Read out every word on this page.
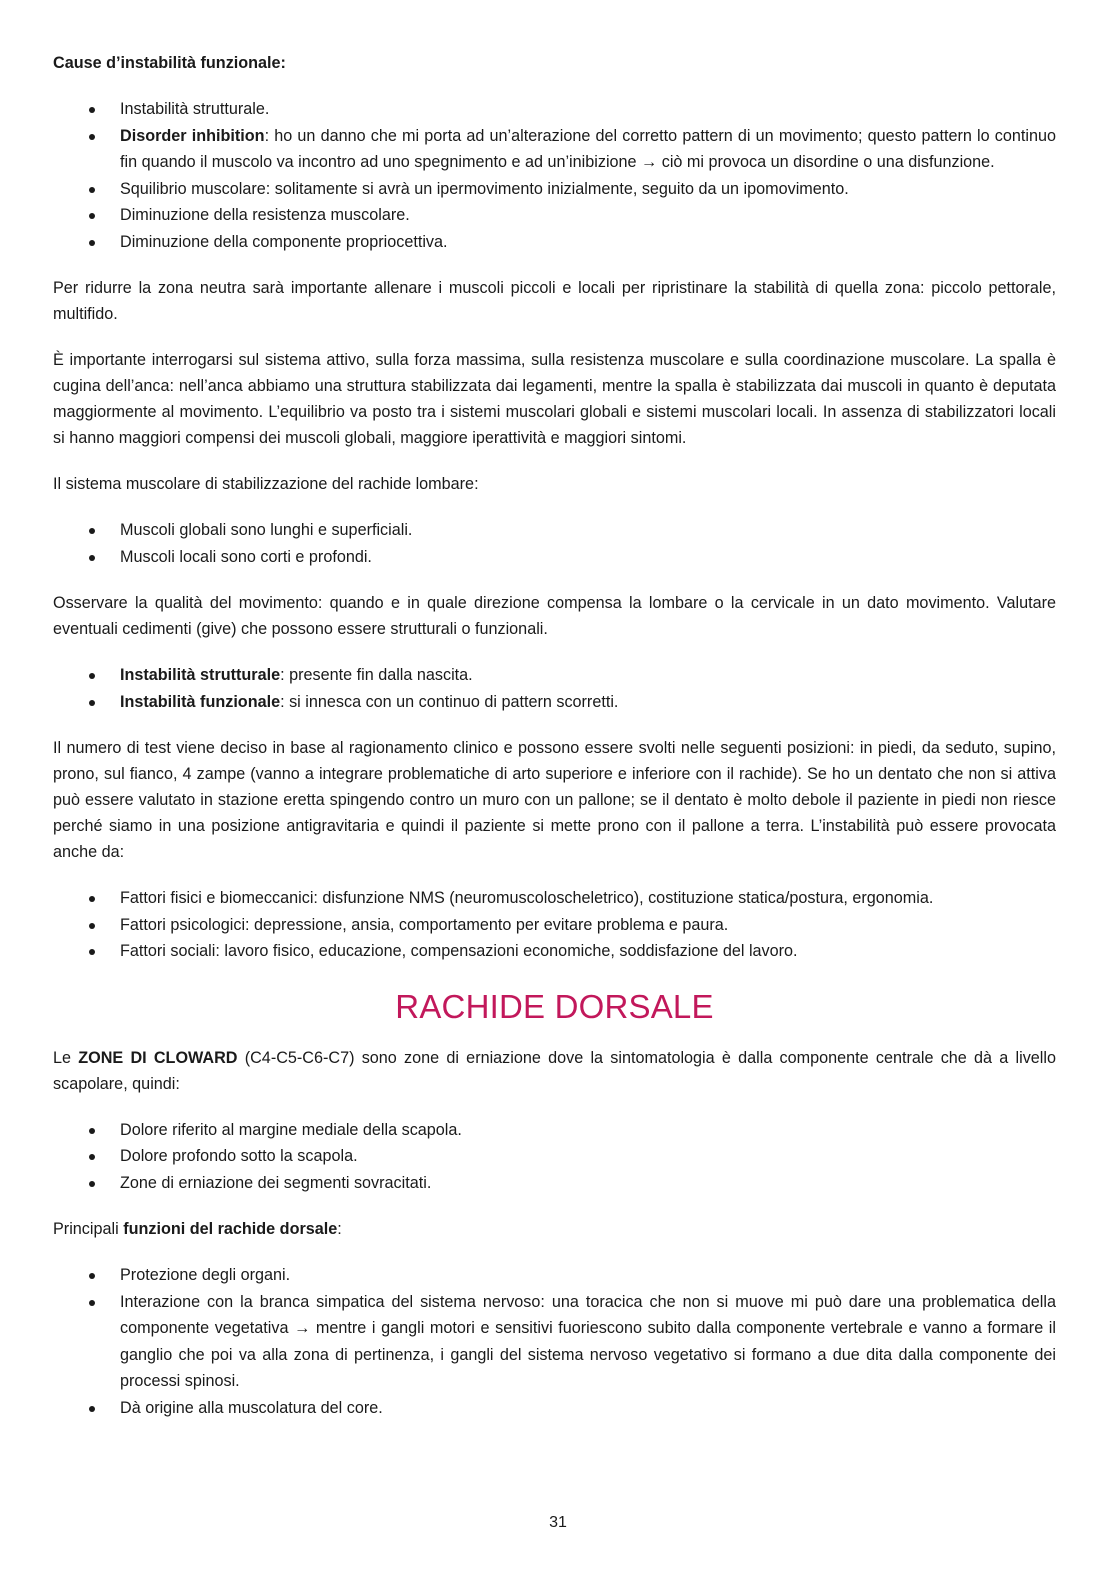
Cause d’instabilità funzionale:

Instabilità strutturale.
Disorder inhibition: ho un danno che mi porta ad un’alterazione del corretto pattern di un movimento; questo pattern lo continuo fin quando il muscolo va incontro ad uno spegnimento e ad un’inibizione → ciò mi provoca un disordine o una disfunzione.
Squilibrio muscolare: solitamente si avrà un ipermovimento inizialmente, seguito da un ipomovimento.
Diminuzione della resistenza muscolare.
Diminuzione della componente propriocettiva.

Per ridurre la zona neutra sarà importante allenare i muscoli piccoli e locali per ripristinare la stabilità di quella zona: piccolo pettorale, multifido.

È importante interrogarsi sul sistema attivo, sulla forza massima, sulla resistenza muscolare e sulla coordinazione muscolare. La spalla è cugina dell’anca: nell’anca abbiamo una struttura stabilizzata dai legamenti, mentre la spalla è stabilizzata dai muscoli in quanto è deputata maggiormente al movimento. L’equilibrio va posto tra i sistemi muscolari globali e sistemi muscolari locali. In assenza di stabilizzatori locali si hanno maggiori compensi dei muscoli globali, maggiore iperattività e maggiori sintomi.

Il sistema muscolare di stabilizzazione del rachide lombare:

Muscoli globali sono lunghi e superficiali.
Muscoli locali sono corti e profondi.

Osservare la qualità del movimento: quando e in quale direzione compensa la lombare o la cervicale in un dato movimento. Valutare eventuali cedimenti (give) che possono essere strutturali o funzionali.

Instabilità strutturale: presente fin dalla nascita.
Instabilità funzionale: si innesca con un continuo di pattern scorretti.

Il numero di test viene deciso in base al ragionamento clinico e possono essere svolti nelle seguenti posizioni: in piedi, da seduto, supino, prono, sul fianco, 4 zampe (vanno a integrare problematiche di arto superiore e inferiore con il rachide). Se ho un dentato che non si attiva può essere valutato in stazione eretta spingendo contro un muro con un pallone; se il dentato è molto debole il paziente in piedi non riesce perché siamo in una posizione antigravitaria e quindi il paziente si mette prono con il pallone a terra. L’instabilità può essere provocata anche da:

Fattori fisici e biomeccanici: disfunzione NMS (neuromuscoloscheletrico), costituzione statica/postura, ergonomia.
Fattori psicologici: depressione, ansia, comportamento per evitare problema e paura.
Fattori sociali: lavoro fisico, educazione, compensazioni economiche, soddisfazione del lavoro.
RACHIDE DORSALE

Le ZONE DI CLOWARD (C4-C5-C6-C7) sono zone di erniazione dove la sintomatologia è dalla componente centrale che dà a livello scapolare, quindi:

Dolore riferito al margine mediale della scapola.
Dolore profondo sotto la scapola.
Zone di erniazione dei segmenti sovracitati.

Principali funzioni del rachide dorsale:

Protezione degli organi.
Interazione con la branca simpatica del sistema nervoso: una toracica che non si muove mi può dare una problematica della componente vegetativa → mentre i gangli motori e sensitivi fuoriescono subito dalla componente vertebrale e vanno a formare il ganglio che poi va alla zona di pertinenza, i gangli del sistema nervoso vegetativo si formano a due dita dalla componente dei processi spinosi.
Dà origine alla muscolatura del core.
31
